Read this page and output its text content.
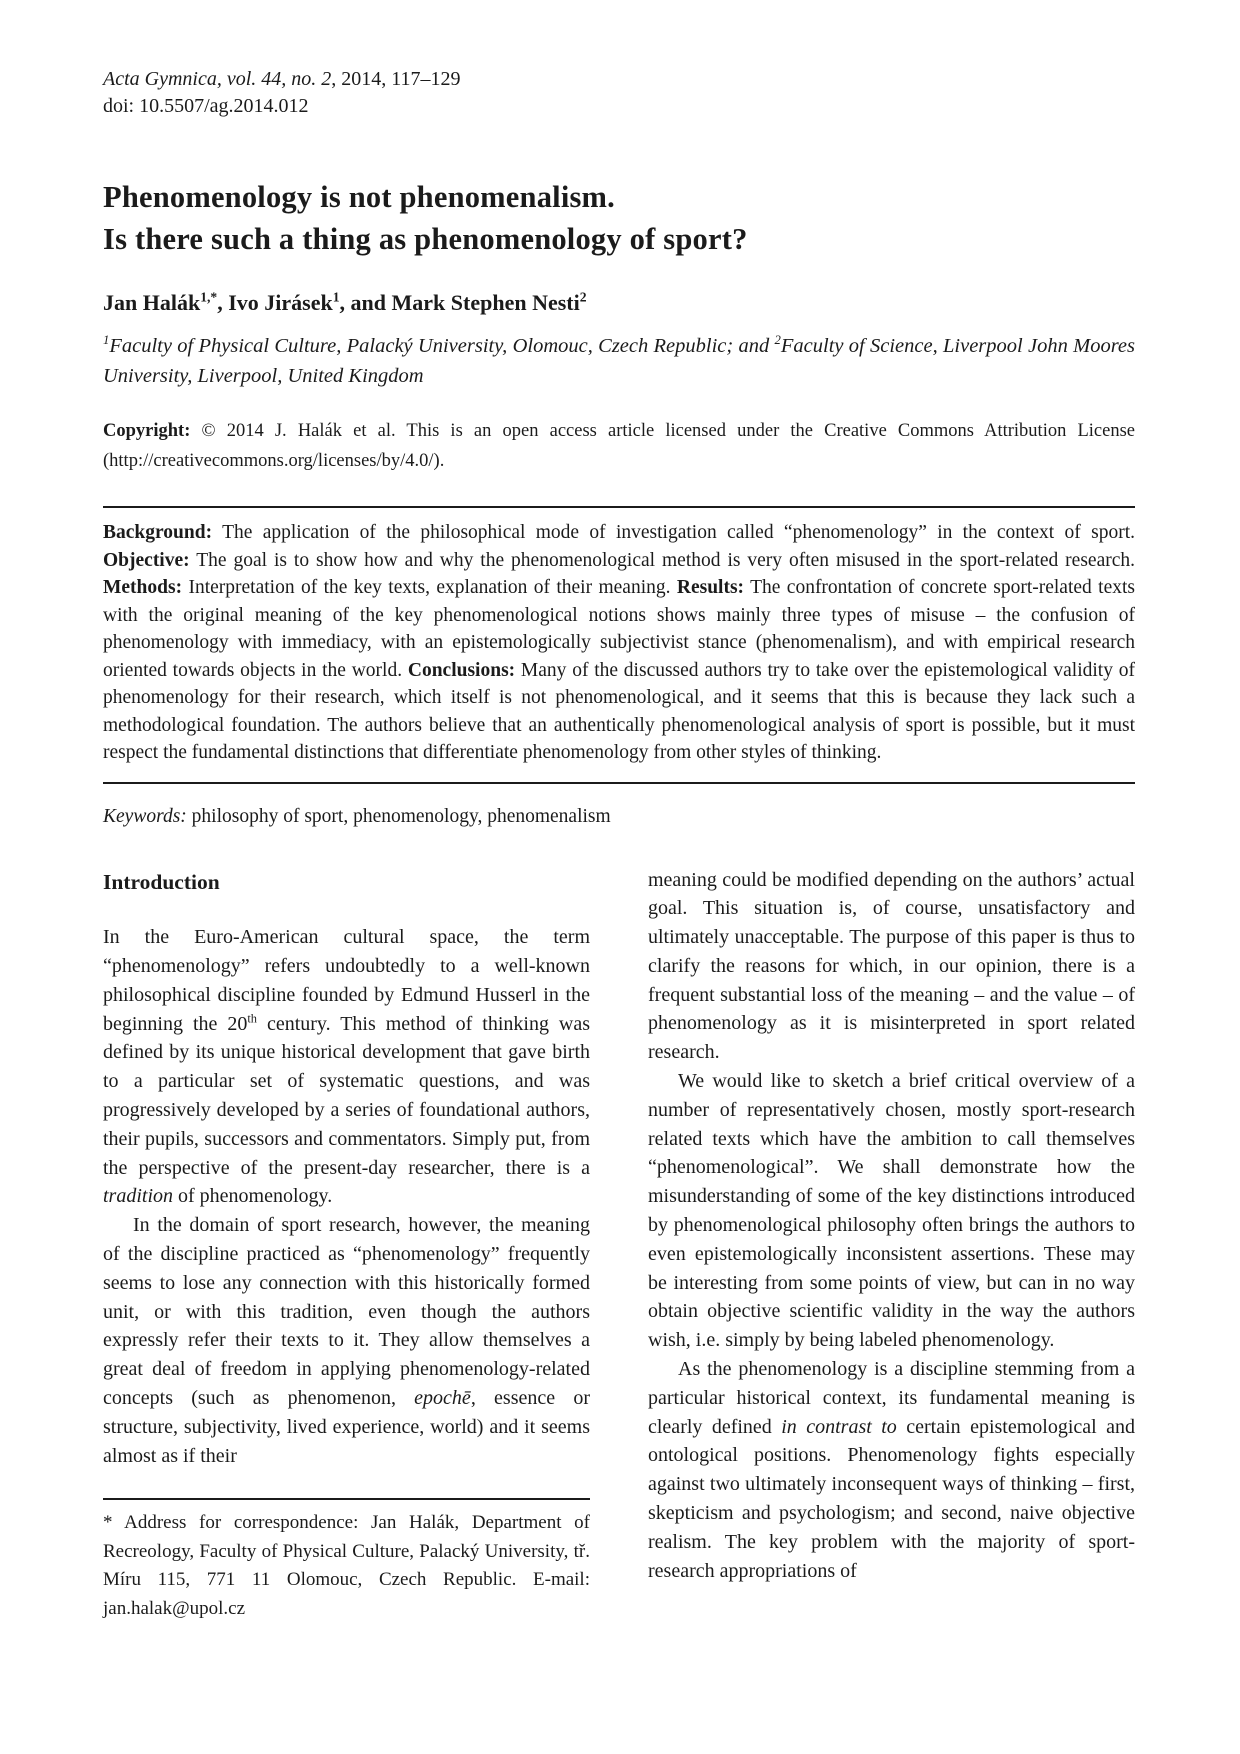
Acta Gymnica, vol. 44, no. 2, 2014, 117–129
doi: 10.5507/ag.2014.012
Phenomenology is not phenomenalism.
Is there such a thing as phenomenology of sport?
Jan Halák$^{1,*}$, Ivo Jirásek$^1$, and Mark Stephen Nesti$^2$
$^1$Faculty of Physical Culture, Palacký University, Olomouc, Czech Republic; and $^2$Faculty of Science, Liverpool John Moores University, Liverpool, United Kingdom
Copyright: © 2014 J. Halák et al. This is an open access article licensed under the Creative Commons Attribution License (http://creativecommons.org/licenses/by/4.0/).
Background: The application of the philosophical mode of investigation called “phenomenology” in the context of sport. Objective: The goal is to show how and why the phenomenological method is very often misused in the sport-related research. Methods: Interpretation of the key texts, explanation of their meaning. Results: The confrontation of concrete sport-related texts with the original meaning of the key phenomenological notions shows mainly three types of misuse – the confusion of phenomenology with immediacy, with an epistemologically subjectivist stance (phenomenalism), and with empirical research oriented towards objects in the world. Conclusions: Many of the discussed authors try to take over the epistemological validity of phenomenology for their research, which itself is not phenomenological, and it seems that this is because they lack such a methodological foundation. The authors believe that an authentically phenomenological analysis of sport is possible, but it must respect the fundamental distinctions that differentiate phenomenology from other styles of thinking.
Keywords: philosophy of sport, phenomenology, phenomenalism
Introduction

In the Euro-American cultural space, the term “phenomenology” refers undoubtedly to a well-known philosophical discipline founded by Edmund Husserl in the beginning the 20th century. This method of thinking was defined by its unique historical development that gave birth to a particular set of systematic questions, and was progressively developed by a series of foundational authors, their pupils, successors and commentators. Simply put, from the perspective of the present-day researcher, there is a tradition of phenomenology.

In the domain of sport research, however, the meaning of the discipline practiced as “phenomenology” frequently seems to lose any connection with this historically formed unit, or with this tradition, even though the authors expressly refer their texts to it. They allow themselves a great deal of freedom in applying phenomenology-related concepts (such as phenomenon, epochē, essence or structure, subjectivity, lived experience, world) and it seems almost as if their

* Address for correspondence: Jan Halák, Department of Recreology, Faculty of Physical Culture, Palacký University, tř. Míru 115, 771 11 Olomouc, Czech Republic. E-mail: jan.halak@upol.cz

meaning could be modified depending on the authors’ actual goal. This situation is, of course, unsatisfactory and ultimately unacceptable. The purpose of this paper is thus to clarify the reasons for which, in our opinion, there is a frequent substantial loss of the meaning – and the value – of phenomenology as it is misinterpreted in sport related research.

We would like to sketch a brief critical overview of a number of representatively chosen, mostly sport-research related texts which have the ambition to call themselves “phenomenological”. We shall demonstrate how the misunderstanding of some of the key distinctions introduced by phenomenological philosophy often brings the authors to even epistemologically inconsistent assertions. These may be interesting from some points of view, but can in no way obtain objective scientific validity in the way the authors wish, i.e. simply by being labeled phenomenology.

As the phenomenology is a discipline stemming from a particular historical context, its fundamental meaning is clearly defined in contrast to certain epistemological and ontological positions. Phenomenology fights especially against two ultimately inconsequent ways of thinking – first, skepticism and psychologism; and second, naive objective realism. The key problem with the majority of sport-research appropriations of
